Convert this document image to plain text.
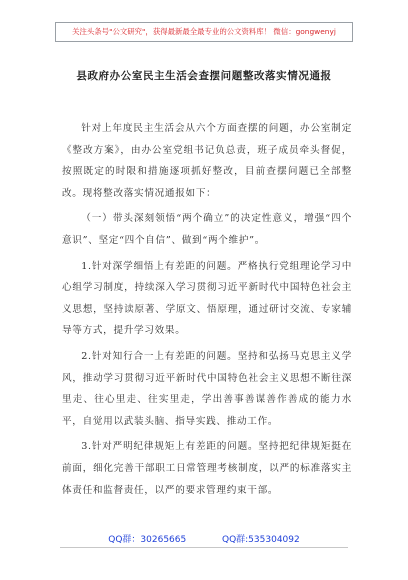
关注头条号"公文研究"，获得最新最全最专业的公文资料库！ 微信：gongwenyj
县政府办公室民主生活会查摆问题整改落实情况通报

针对上年度民主生活会从六个方面查摆的问题，办公室制定《整改方案》，由办公室党组书记负总责，班子成员牵头督促，按照既定的时限和措施逐项抓好整改，目前查摆问题已全部整改。现将整改落实情况通报如下：

（一）带头深刻领悟“两个确立”的决定性意义，增强“四个意识”、坚定“四个自信”、做到“两个维护”。

1.针对深学细悟上有差距的问题。严格执行党组理论学习中心组学习制度，持续深入学习贯彻习近平新时代中国特色社会主义思想，坚持读原著、学原文、悟原理，通过研讨交流、专家辅导等方式，提升学习效果。

2.针对知行合一上有差距的问题。坚持和弘扬马克思主义学风，推动学习贯彻习近平新时代中国特色社会主义思想不断往深里走、往心里走、往实里走，学出善事善谋善作善成的能力水平，自觉用以武装头脑、指导实践、推动工作。

3.针对严明纪律规矩上有差距的问题。坚持把纪律规矩挺在前面，细化完善干部职工日常管理考核制度，以严的标准落实主体责任和监督责任，以严的要求管理约束干部。

QQ群：30265665	QQ群:535304092
